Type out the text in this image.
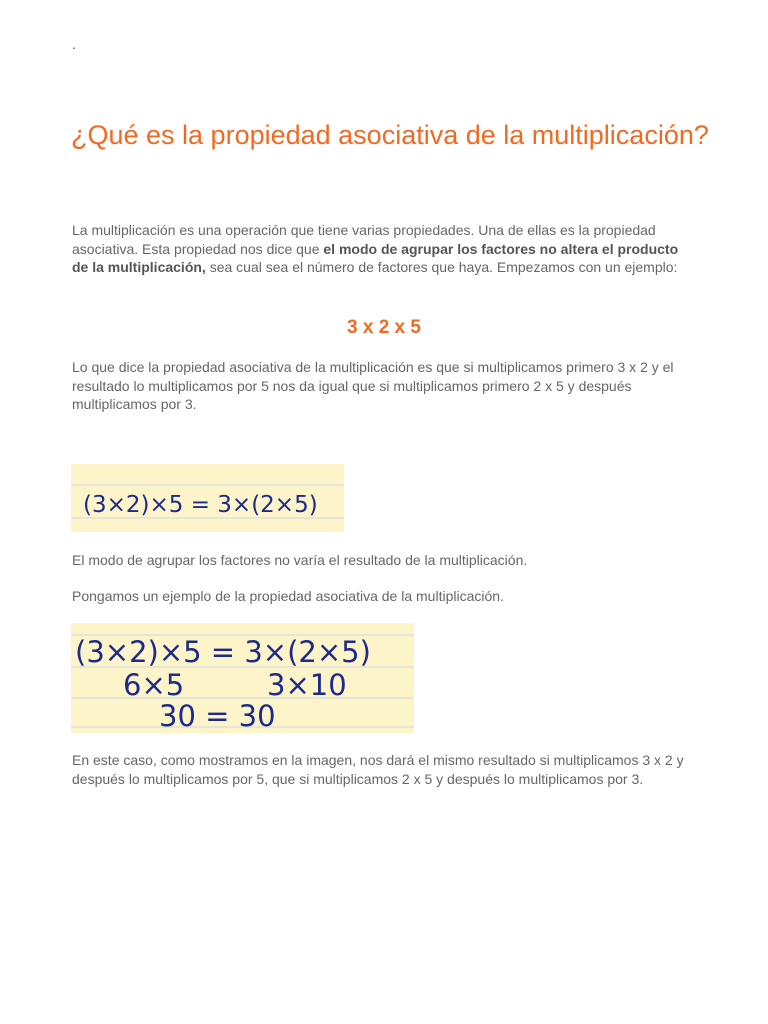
.
¿Qué es la propiedad asociativa de la multiplicación?

La multiplicación es una operación que tiene varias propiedades. Una de ellas es la propiedad asociativa. Esta propiedad nos dice que el modo de agrupar los factores no altera el producto de la multiplicación, sea cual sea el número de factores que haya. Empezamos con un ejemplo:

3 x 2 x 5

Lo que dice la propiedad asociativa de la multiplicación es que si multiplicamos primero 3 x 2 y el resultado lo multiplicamos por 5 nos da igual que si multiplicamos primero 2 x 5 y después multiplicamos por 3.

(3×2)×5 = 3×(2×5)

El modo de agrupar los factores no varía el resultado de la multiplicación.

Pongamos un ejemplo de la propiedad asociativa de la multiplicación.

(3×2)×5 = 3×(2×5)
6×5	3×10
30 = 30

En este caso, como mostramos en la imagen, nos dará el mismo resultado si multiplicamos 3 x 2 y después lo multiplicamos por 5, que si multiplicamos 2 x 5 y después lo multiplicamos por 3.
